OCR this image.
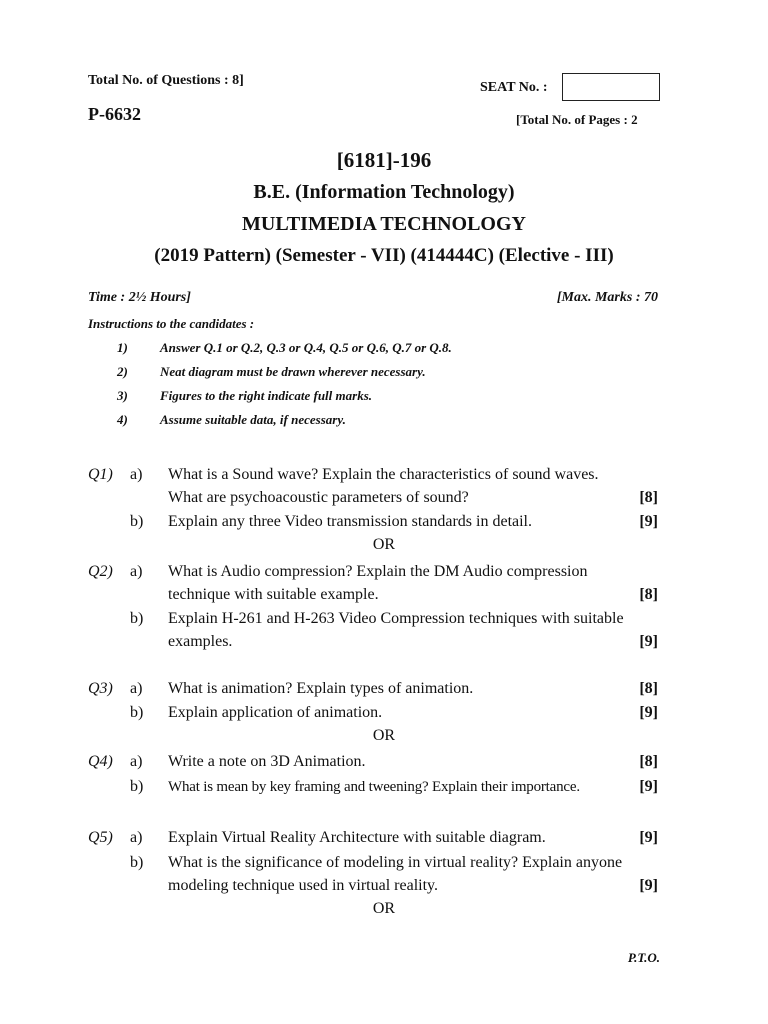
Total No. of Questions : 8]
P-6632
SEAT No. :
[Total No. of Pages : 2
[6181]-196
B.E. (Information Technology)
MULTIMEDIA TECHNOLOGY
(2019 Pattern) (Semester - VII) (414444C) (Elective - III)
Time : 2½ Hours]	[Max. Marks : 70
Instructions to the candidates :
1) Answer Q.1 or Q.2, Q.3 or Q.4, Q.5 or Q.6, Q.7 or Q.8.
2) Neat diagram must be drawn wherever necessary.
3) Figures to the right indicate full marks.
4) Assume suitable data, if necessary.
Q1) a) What is a Sound wave? Explain the characteristics of sound waves.
What are psychoacoustic parameters of sound?	[8]
b) Explain any three Video transmission standards in detail.	[9]
OR
Q2) a) What is Audio compression? Explain the DM Audio compression
technique with suitable example.	[8]
b) Explain H-261 and H-263 Video Compression techniques with suitable
examples.	[9]
Q3) a) What is animation? Explain types of animation.	[8]
b) Explain application of animation.	[9]
OR
Q4) a) Write a note on 3D Animation.	[8]
b) What is mean by key framing and tweening? Explain their importance.	[9]
Q5) a) Explain Virtual Reality Architecture with suitable diagram.	[9]
b) What is the significance of modeling in virtual reality? Explain anyone
modeling technique used in virtual reality.	[9]
OR
P.T.O.
